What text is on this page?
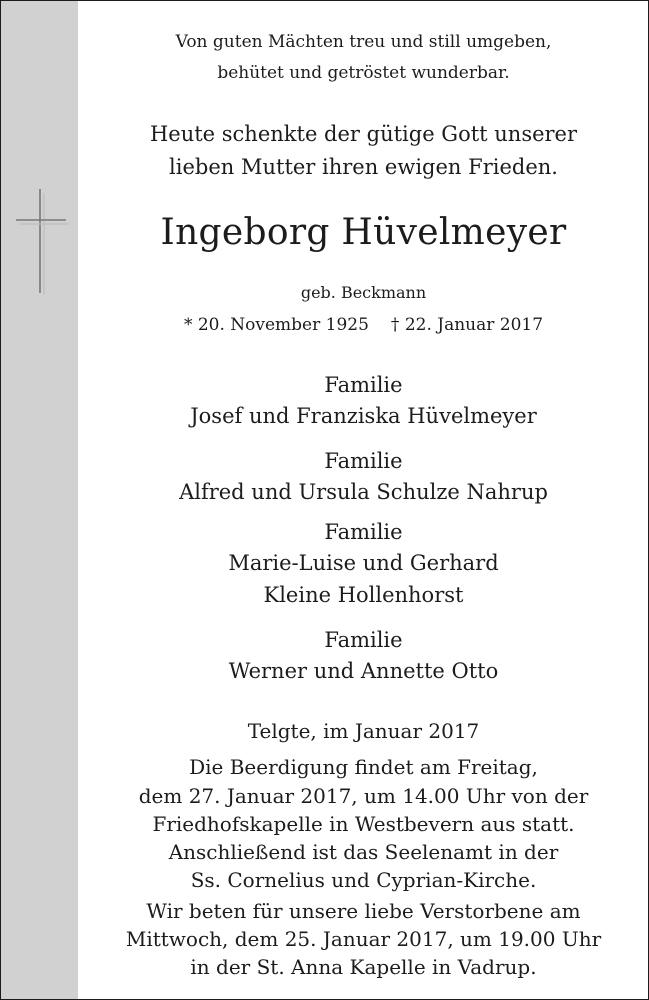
Von guten Mächten treu und still umgeben,
behütet und getröstet wunderbar.
Heute schenkte der gütige Gott unserer
lieben Mutter ihren ewigen Frieden.
Ingeborg Hüvelmeyer
geb. Beckmann
* 20. November 1925 † 22. Januar 2017
Familie
Josef und Franziska Hüvelmeyer
Familie
Alfred und Ursula Schulze Nahrup
Familie
Marie-Luise und Gerhard
Kleine Hollenhorst
Familie
Werner und Annette Otto
Telgte, im Januar 2017
Die Beerdigung findet am Freitag,
dem 27. Januar 2017, um 14.00 Uhr von der
Friedhofskapelle in Westbevern aus statt.
Anschließend ist das Seelenamt in der
Ss. Cornelius und Cyprian-Kirche.
Wir beten für unsere liebe Verstorbene am
Mittwoch, dem 25. Januar 2017, um 19.00 Uhr
in der St. Anna Kapelle in Vadrup.
